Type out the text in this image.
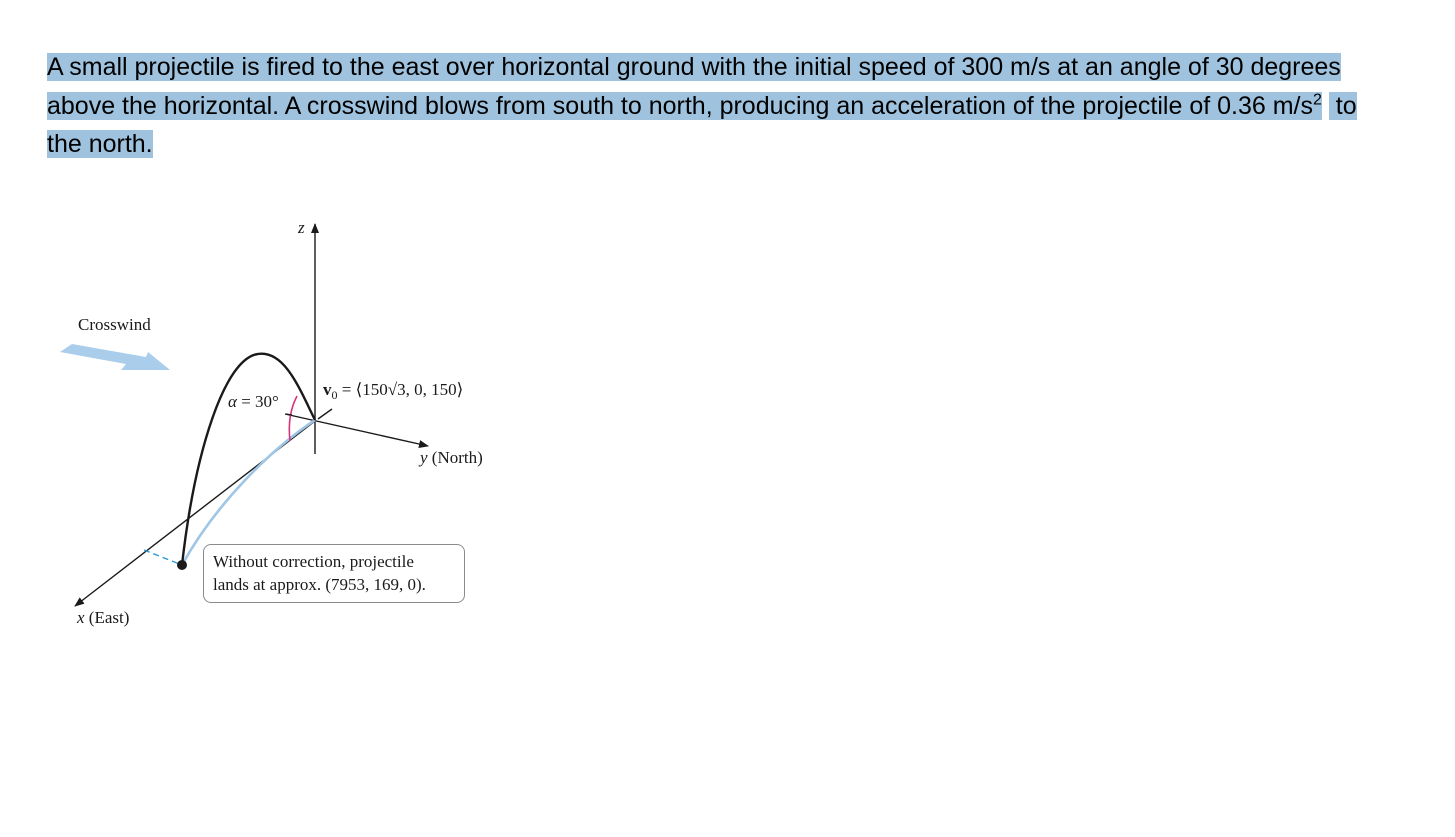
A small projectile is fired to the east over horizontal ground with the initial speed of 300 m/s at an angle of 30 degrees above the horizontal. A crosswind blows from south to north, producing an acceleration of the projectile of 0.36 $m/s^2$  to the north.
z
y (North)
x (East)
Crosswind
α = 30°
$v_0$ = ⟨150√3, 0, 150⟩
Without correction, projectile
lands at approx. (7953, 169, 0).
